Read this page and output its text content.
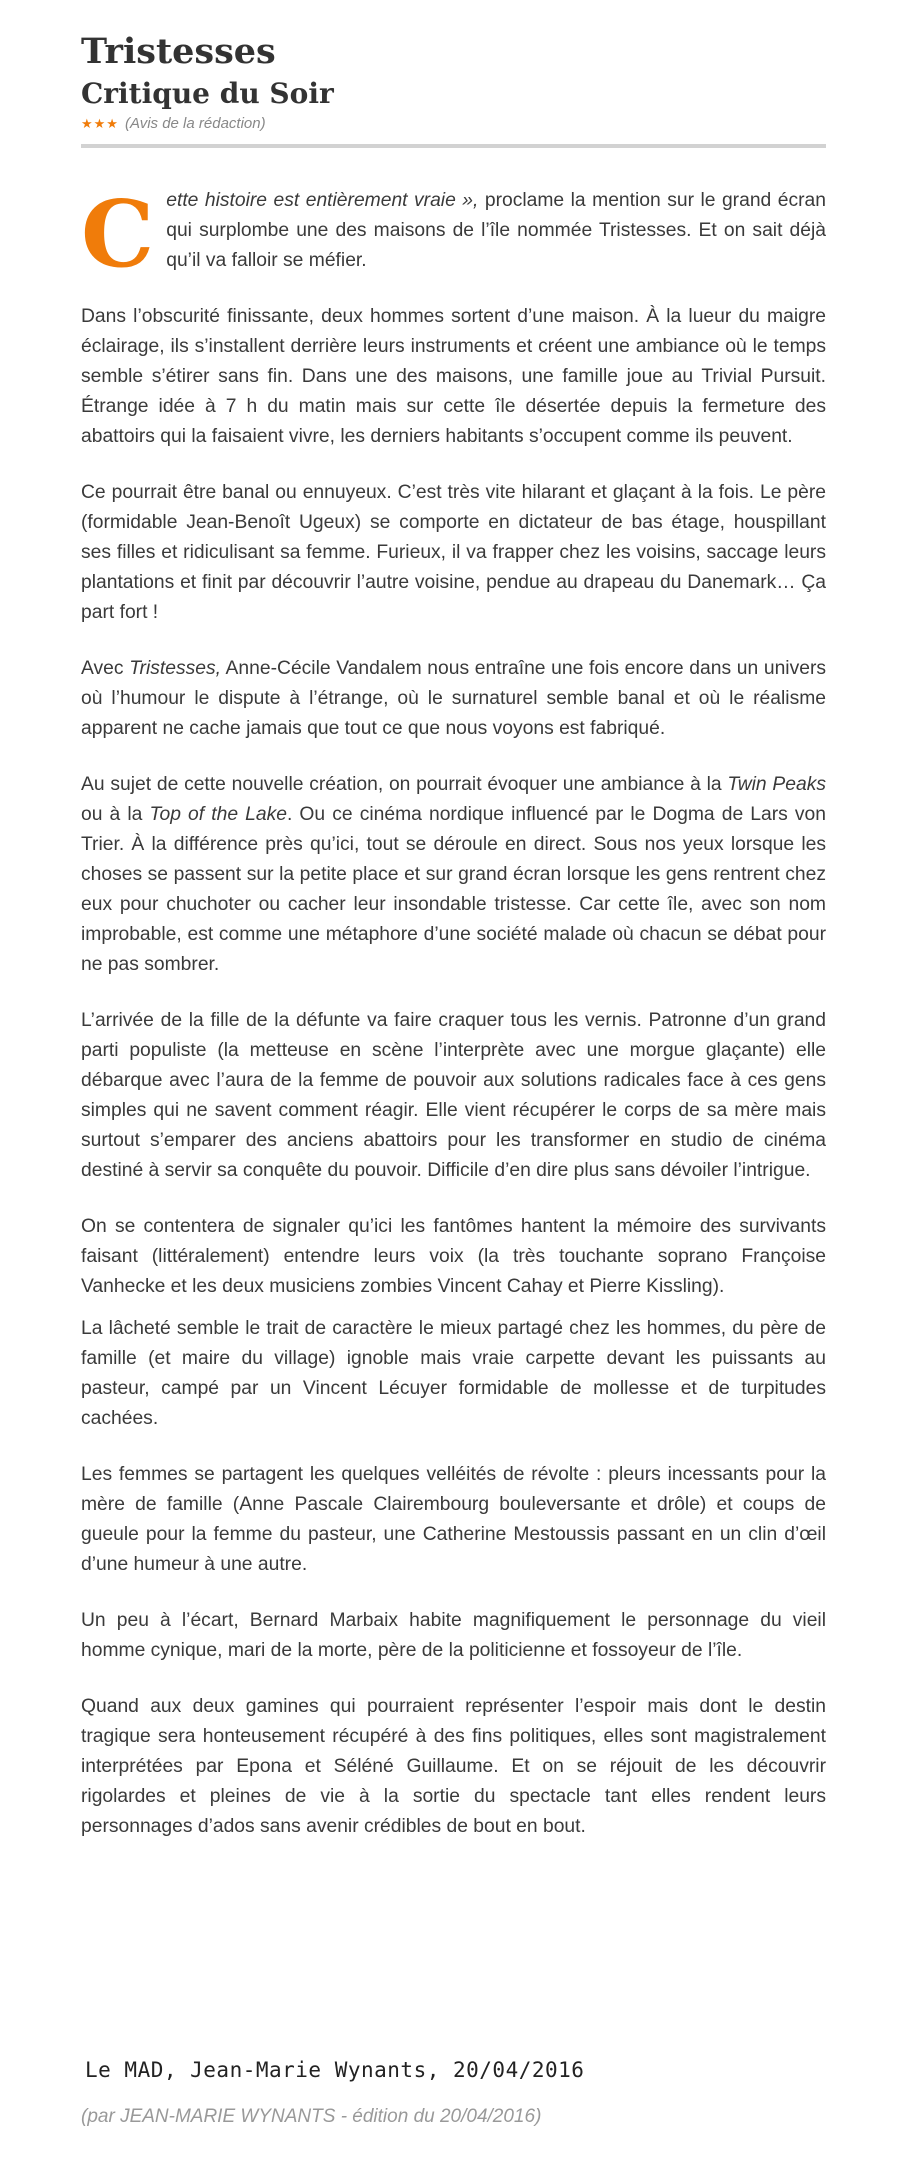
Tristesses
Critique du Soir
★★★ (Avis de la rédaction)

Cette histoire est entièrement vraie », proclame la mention sur le grand écran qui surplombe une des maisons de l’île nommée Tristesses. Et on sait déjà qu’il va falloir se méfier.

Dans l’obscurité finissante, deux hommes sortent d’une maison. À la lueur du maigre éclairage, ils s’installent derrière leurs instruments et créent une ambiance où le temps semble s’étirer sans fin. Dans une des maisons, une famille joue au Trivial Pursuit. Étrange idée à 7 h du matin mais sur cette île désertée depuis la fermeture des abattoirs qui la faisaient vivre, les derniers habitants s’occupent comme ils peuvent.

Ce pourrait être banal ou ennuyeux. C’est très vite hilarant et glaçant à la fois. Le père (formidable Jean-Benoît Ugeux) se comporte en dictateur de bas étage, houspillant ses filles et ridiculisant sa femme. Furieux, il va frapper chez les voisins, saccage leurs plantations et finit par découvrir l’autre voisine, pendue au drapeau du Danemark… Ça part fort !

Avec Tristesses, Anne-Cécile Vandalem nous entraîne une fois encore dans un univers où l’humour le dispute à l’étrange, où le surnaturel semble banal et où le réalisme apparent ne cache jamais que tout ce que nous voyons est fabriqué.

Au sujet de cette nouvelle création, on pourrait évoquer une ambiance à la Twin Peaks ou à la Top of the Lake. Ou ce cinéma nordique influencé par le Dogma de Lars von Trier. À la différence près qu’ici, tout se déroule en direct. Sous nos yeux lorsque les choses se passent sur la petite place et sur grand écran lorsque les gens rentrent chez eux pour chuchoter ou cacher leur insondable tristesse. Car cette île, avec son nom improbable, est comme une métaphore d’une société malade où chacun se débat pour ne pas sombrer.

L’arrivée de la fille de la défunte va faire craquer tous les vernis. Patronne d’un grand parti populiste (la metteuse en scène l’interprète avec une morgue glaçante) elle débarque avec l’aura de la femme de pouvoir aux solutions radicales face à ces gens simples qui ne savent comment réagir. Elle vient récupérer le corps de sa mère mais surtout s’emparer des anciens abattoirs pour les transformer en studio de cinéma destiné à servir sa conquête du pouvoir. Difficile d’en dire plus sans dévoiler l’intrigue.

On se contentera de signaler qu’ici les fantômes hantent la mémoire des survivants faisant (littéralement) entendre leurs voix (la très touchante soprano Françoise Vanhecke et les deux musiciens zombies Vincent Cahay et Pierre Kissling).

La lâcheté semble le trait de caractère le mieux partagé chez les hommes, du père de famille (et maire du village) ignoble mais vraie carpette devant les puissants au pasteur, campé par un Vincent Lécuyer formidable de mollesse et de turpitudes cachées.

Les femmes se partagent les quelques velléités de révolte : pleurs incessants pour la mère de famille (Anne Pascale Clairembourg bouleversante et drôle) et coups de gueule pour la femme du pasteur, une Catherine Mestoussis passant en un clin d’œil d’une humeur à une autre.

Un peu à l’écart, Bernard Marbaix habite magnifiquement le personnage du vieil homme cynique, mari de la morte, père de la politicienne et fossoyeur de l’île.

Quand aux deux gamines qui pourraient représenter l’espoir mais dont le destin tragique sera honteusement récupéré à des fins politiques, elles sont magistralement interprétées par Epona et Séléné Guillaume. Et on se réjouit de les découvrir rigolardes et pleines de vie à la sortie du spectacle tant elles rendent leurs personnages d’ados sans avenir crédibles de bout en bout.

Le MAD, Jean-Marie Wynants, 20/04/2016
(par JEAN-MARIE WYNANTS - édition du 20/04/2016)
